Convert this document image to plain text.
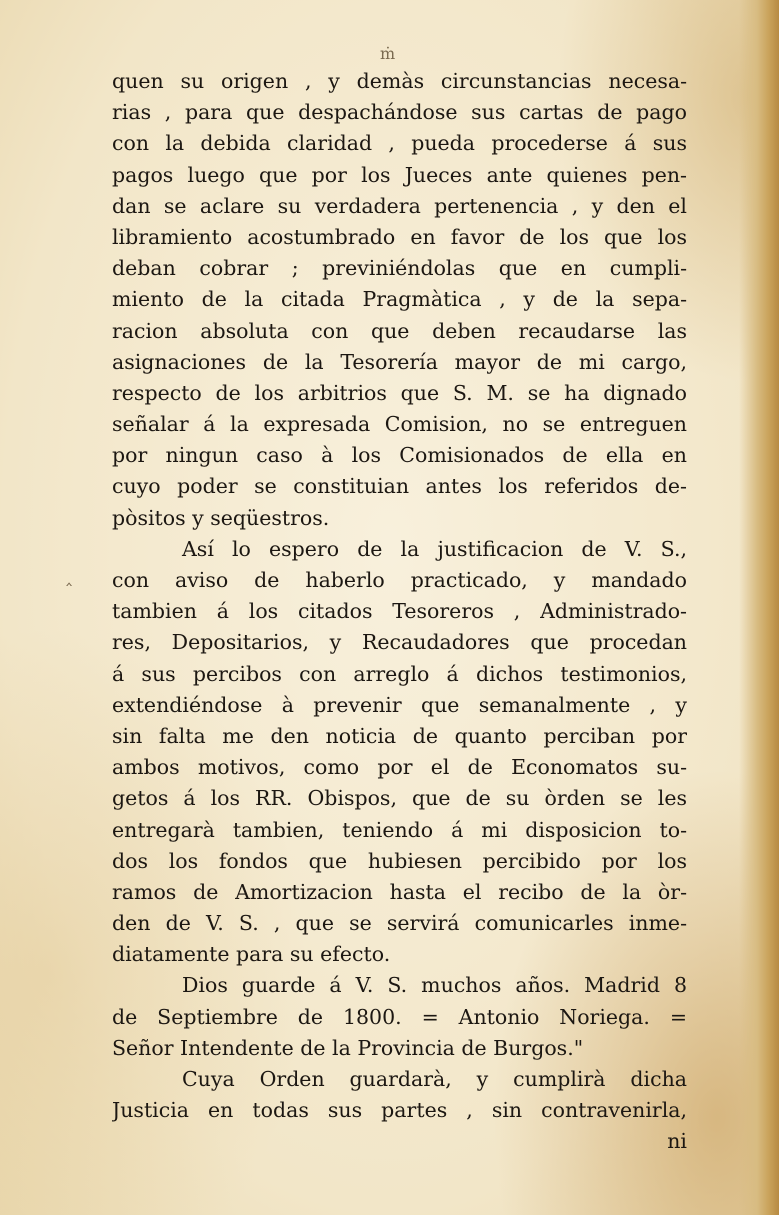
ṁ
‸
quen su origen , y demàs circunstancias necesa-
rias , para que despachándose sus cartas de pago
con la debida claridad , pueda procederse á sus
pagos luego que por los Jueces ante quienes pen-
dan se aclare su verdadera pertenencia , y den el
libramiento acostumbrado en favor de los que los
deban cobrar ; previniéndolas que en cumpli-
miento de la citada Pragmàtica , y de la sepa-
racion absoluta con que deben recaudarse las
asignaciones de la Tesorería mayor de mi cargo,
respecto de los arbitrios que S. M. se ha dignado
señalar á la expresada Comision, no se entreguen
por ningun caso à los Comisionados de ella en
cuyo poder se constituian antes los referidos de-
pòsitos y seqüestros.
Así lo espero de la justificacion de V. S.,
con aviso de haberlo practicado, y mandado
tambien á los citados Tesoreros , Administrado-
res, Depositarios, y Recaudadores que procedan
á sus percibos con arreglo á dichos testimonios,
extendiéndose à prevenir que semanalmente , y
sin falta me den noticia de quanto perciban por
ambos motivos, como por el de Economatos su-
getos á los RR. Obispos, que de su òrden se les
entregarà tambien, teniendo á mi disposicion to-
dos los fondos que hubiesen percibido por los
ramos de Amortizacion hasta el recibo de la òr-
den de V. S. , que se servirá comunicarles inme-
diatamente para su efecto.
Dios guarde á V. S. muchos años. Madrid 8
de Septiembre de 1800. = Antonio Noriega. =
Señor Intendente de la Provincia de Burgos."
Cuya Orden guardarà, y cumplirà dicha
Justicia en todas sus partes , sin contravenirla,
ni
